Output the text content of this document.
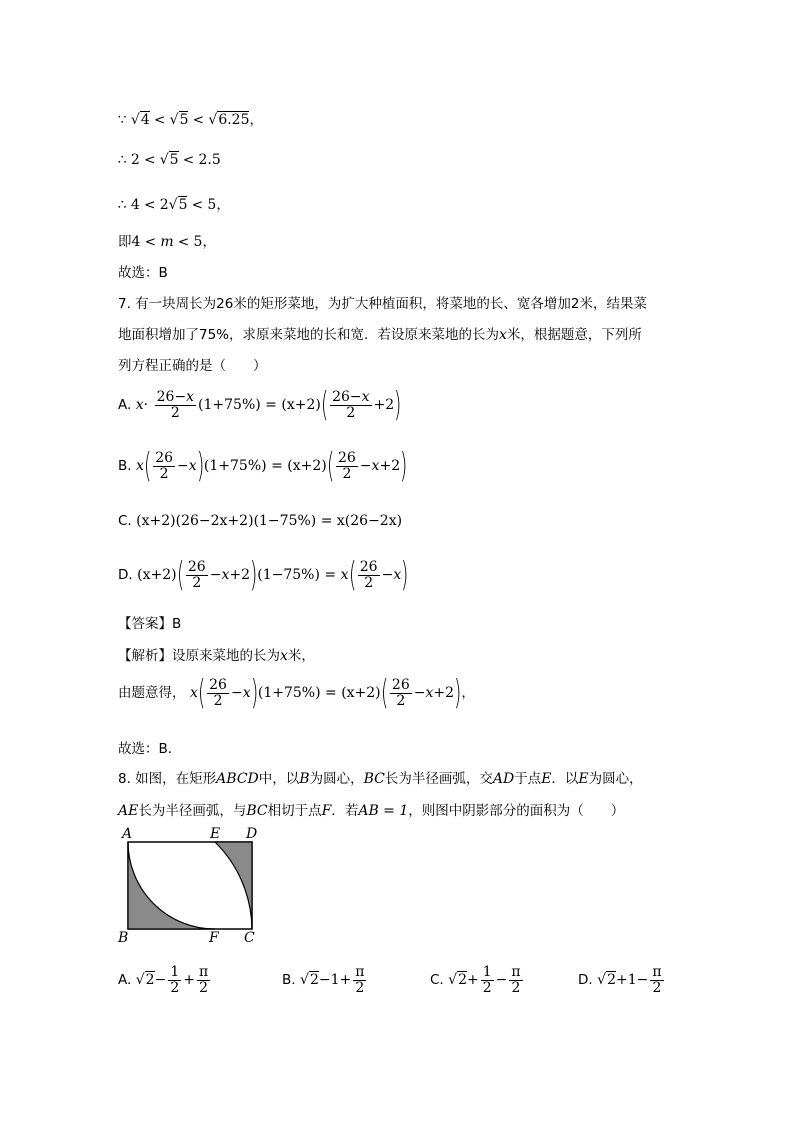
∵ √4 < √5 < √6.25，
∴ 2 < √5 < 2.5
∴ 4 < 2√5 < 5，
即4 < m < 5，
故选：B
7. 有一块周长为26米的矩形菜地，为扩大种植面积，将菜地的长、宽各增加2米，结果菜
地面积增加了75%，求原来菜地的长和宽．若设原来菜地的长为x米，根据题意，下列所
列方程正确的是（　　）
A. $x\cdot \frac{26-x}{2} (1+75\%) = (x+2)( \frac{26-x}{2} +2)$
B. $x( \frac{26}{2} -x)(1+75\%) = (x+2)( \frac{26}{2} -x+2)$
C. (x+2)(26−2x+2)(1−75%) = x(26−2x)
D. $(x+2)( \frac{26}{2} -x+2)(1-75\%) = x( \frac{26}{2} -x)$
【答案】B
【解析】设原来菜地的长为x米，
由题意得， $x( \frac{26}{2} -x)(1+75\%) = (x+2)( \frac{26}{2} -x+2)$，
故选：B．
8. 如图，在矩形ABCD中，以B为圆心，BC长为半径画弧，交AD于点E．以E为圆心，
AE长为半径画弧，与BC相切于点F．若AB = 1，则图中阴影部分的面积为（　　）
A	E D
B	F C
A. $√2- \frac{1}{2} + \frac{\pi}{2}$	B. $√2-1+ \frac{\pi}{2}$	C. $√2+ \frac{1}{2} - \frac{\pi}{2}$	D. $√2+1- \frac{\pi}{2}$
